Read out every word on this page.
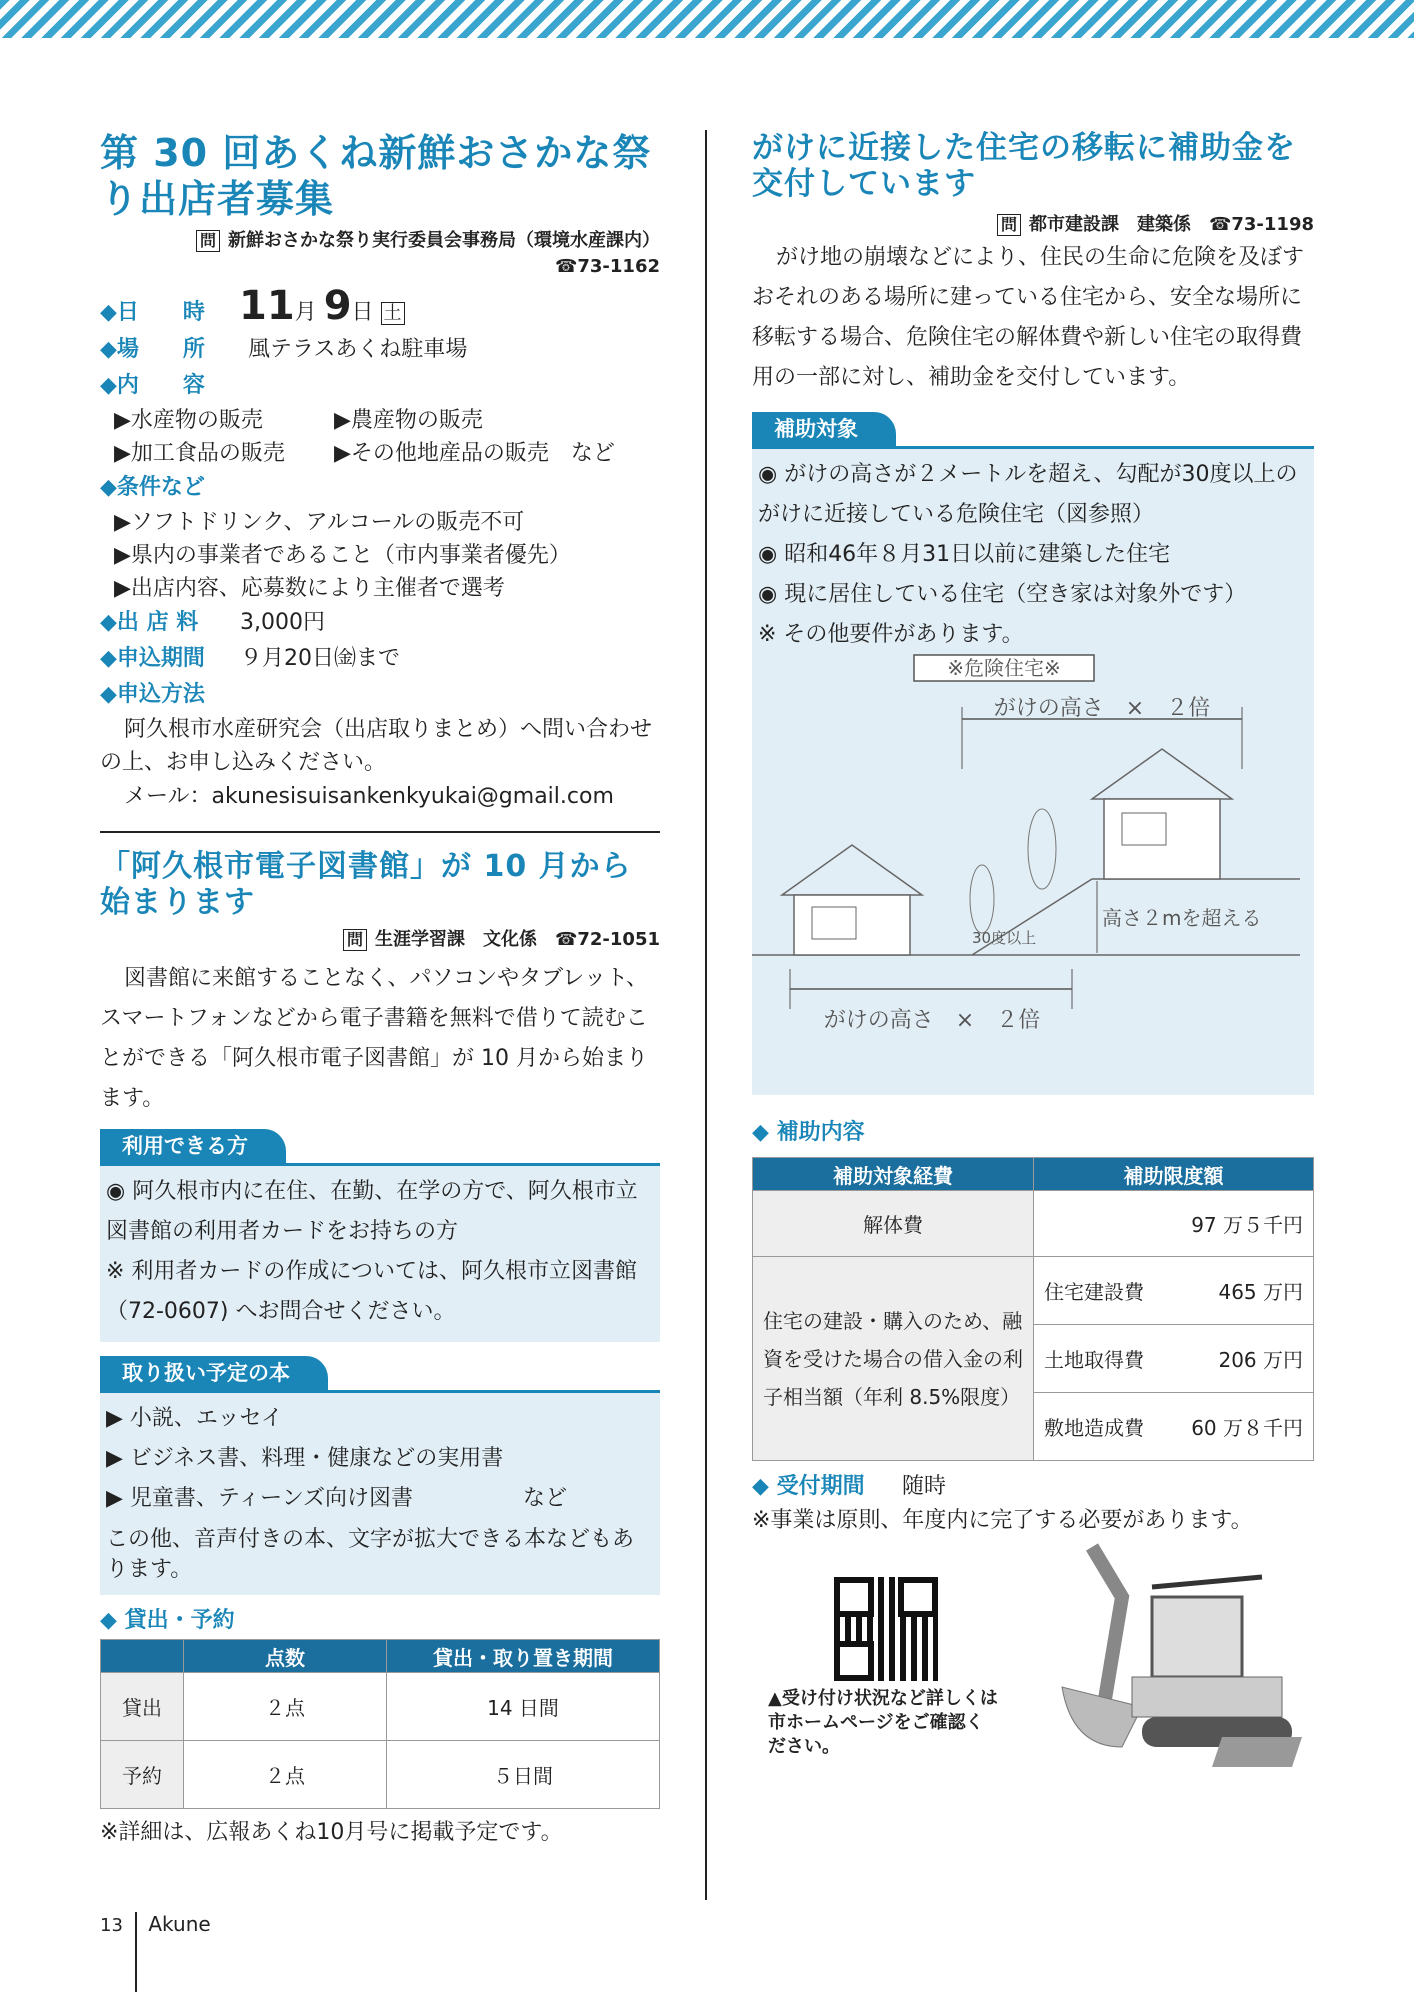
第 30 回あくね新鮮おさかな祭り出店者募集
問 新鮮おさかな祭り実行委員会事務局（環境水産課内）
☎73-1162
◆日　　時 11月 9日 土
◆場　　所 風テラスあくね駐車場
◆内　　容
▶水産物の販売	▶農産物の販売
▶加工食品の販売 ▶その他地産品の販売　など
◆条件など
▶ソフトドリンク、アルコールの販売不可
▶県内の事業者であること（市内事業者優先）
▶出店内容、応募数により主催者で選考
◆出 店 料 3,000円
◆申込期間 ９月20日㈮まで
◆申込方法
阿久根市水産研究会（出店取りまとめ）へ問い合わせの上、お申し込みください。
メール：akunesisuisankenkyukai@gmail.com
「阿久根市電子図書館」が 10 月から始まります
問 生涯学習課　文化係　 ☎72-1051
図書館に来館することなく、パソコンやタブレット、スマートフォンなどから電子書籍を無料で借りて読むことができる「阿久根市電子図書館」が 10 月から始まります。
利用できる方

◉ 阿久根市内に在住、在勤、在学の方で、阿久根市立図書館の利用者カードをお持ちの方

※ 利用者カードの作成については、阿久根市立図書館（72-0607) へお問合せください。

取り扱い予定の本

▶ 小説、エッセイ

▶ ビジネス書、料理・健康などの実用書

▶ 児童書、ティーンズ向け図書　　　　　など

この他、音声付きの本、文字が拡大できる本などもあります。

◆ 貸出・予約
	点数	貸出・取り置き期間
貸出	２点	14 日間
予約	２点	５日間
※詳細は、広報あくね10月号に掲載予定です。
がけに近接した住宅の移転に補助金を交付しています
問 都市建設課　建築係　 ☎73-1198
がけ地の崩壊などにより、住民の生命に危険を及ぼすおそれのある場所に建っている住宅から、安全な場所に移転する場合、危険住宅の解体費や新しい住宅の取得費用の一部に対し、補助金を交付しています。
補助対象

◉ がけの高さが２メートルを超え、勾配が30度以上のがけに近接している危険住宅（図参照）

◉ 昭和46年８月31日以前に建築した住宅

◉ 現に居住している住宅（空き家は対象外です）

※ その他要件があります。

※危険住宅※
がけの高さ　×　２倍
30度以上
高さ２mを超える
がけの高さ　×　２倍
◆ 補助内容
補助対象経費	補助限度額	
解体費	97 万５千円	
住宅の建設・購入のため、融資を受けた場合の借入金の利子相当額（年利 8.5%限度）	住宅建設費	465 万円
	土地取得費	206 万円
	敷地造成費	60 万８千円
◆ 受付期間 随時
※事業は原則、年度内に完了する必要があります。
▲受け付け状況など詳しくは市ホームページをご確認ください。
13 Akune
